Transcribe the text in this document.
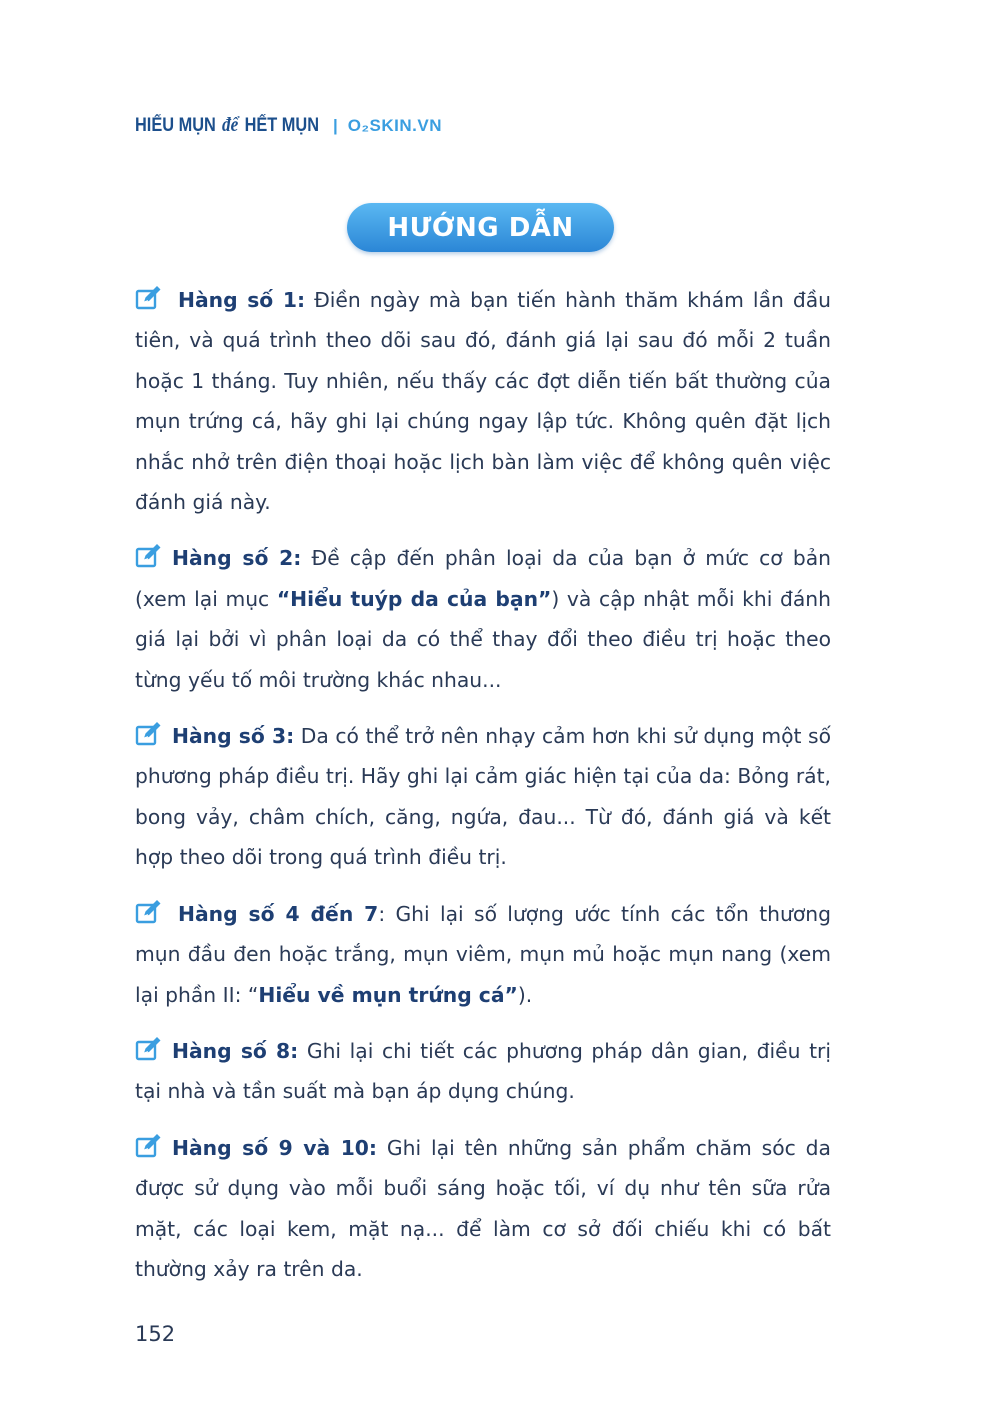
HIỂU MỤN để HẾT MỤN | O₂SKIN.VN
HƯỚNG DẪN

Hàng số 1: Điền ngày mà bạn tiến hành thăm khám lần đầu tiên, và quá trình theo dõi sau đó, đánh giá lại sau đó mỗi 2 tuần hoặc 1 tháng. Tuy nhiên, nếu thấy các đợt diễn tiến bất thường của mụn trứng cá, hãy ghi lại chúng ngay lập tức. Không quên đặt lịch nhắc nhở trên điện thoại hoặc lịch bàn làm việc để không quên việc đánh giá này.

Hàng số 2: Đề cập đến phân loại da của bạn ở mức cơ bản (xem lại mục “Hiểu tuýp da của bạn”) và cập nhật mỗi khi đánh giá lại bởi vì phân loại da có thể thay đổi theo điều trị hoặc theo từng yếu tố môi trường khác nhau...

Hàng số 3: Da có thể trở nên nhạy cảm hơn khi sử dụng một số phương pháp điều trị. Hãy ghi lại cảm giác hiện tại của da: Bỏng rát, bong vảy, châm chích, căng, ngứa, đau... Từ đó, đánh giá và kết hợp theo dõi trong quá trình điều trị.

Hàng số 4 đến 7: Ghi lại số lượng ước tính các tổn thương mụn đầu đen hoặc trắng, mụn viêm, mụn mủ hoặc mụn nang (xem lại phần II: “Hiểu về mụn trứng cá”).

Hàng số 8: Ghi lại chi tiết các phương pháp dân gian, điều trị tại nhà và tần suất mà bạn áp dụng chúng.

Hàng số 9 và 10: Ghi lại tên những sản phẩm chăm sóc da được sử dụng vào mỗi buổi sáng hoặc tối, ví dụ như tên sữa rửa mặt, các loại kem, mặt nạ... để làm cơ sở đối chiếu khi có bất thường xảy ra trên da.

152
